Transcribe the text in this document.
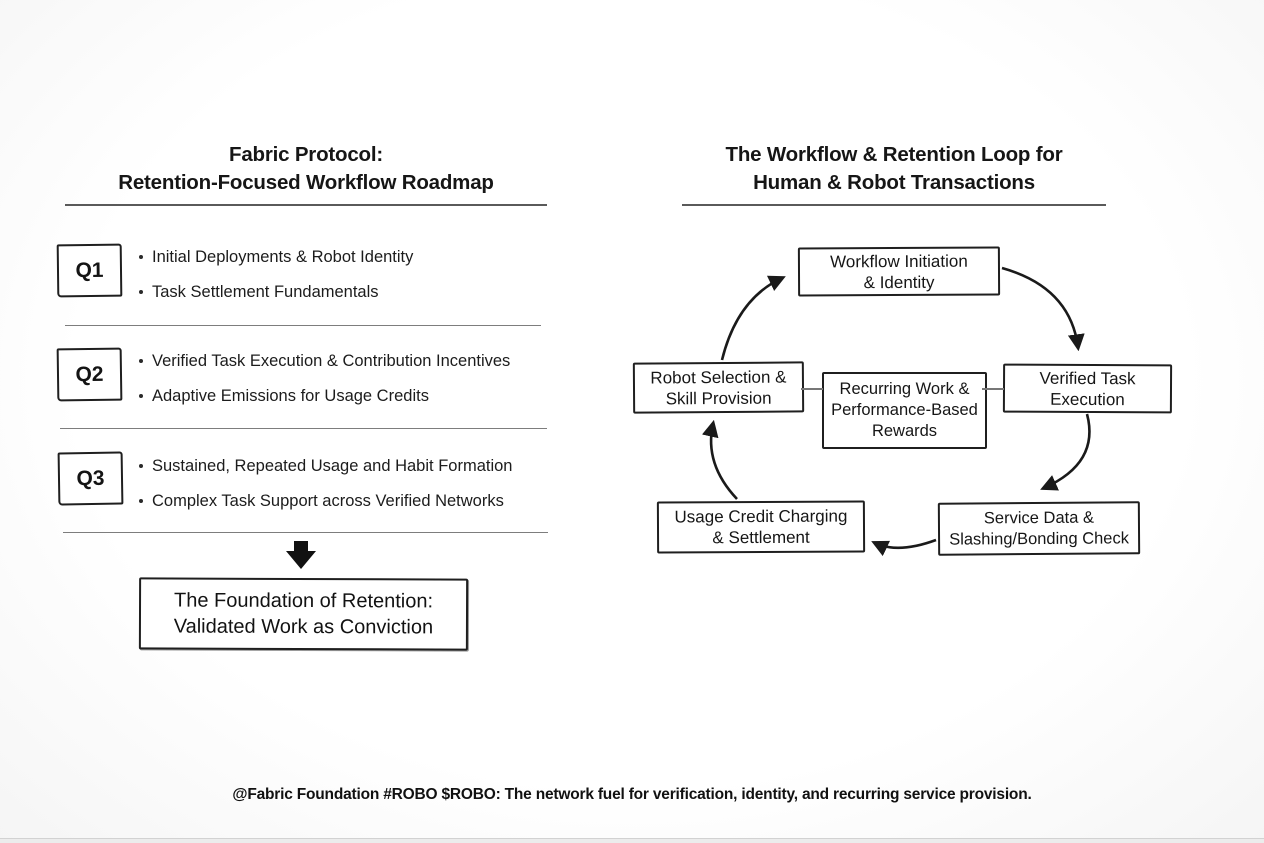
Fabric Protocol:
Retention-Focused Workflow Roadmap
Q1
Initial Deployments & Robot Identity
Task Settlement Fundamentals
Q2
Verified Task Execution & Contribution Incentives
Adaptive Emissions for Usage Credits
Q3
Sustained, Repeated Usage and Habit Formation
Complex Task Support across Verified Networks
The Foundation of Retention:
Validated Work as Conviction
The Workflow & Retention Loop for
Human & Robot Transactions
Workflow Initiation
& Identity
Verified Task
Execution
Robot Selection &
Skill Provision	Recurring Work &
Performance-Based
Rewards
Usage Credit Charging
& Settlement
Service Data &
Slashing/Bonding Check
@Fabric Foundation #ROBO $ROBO: The network fuel for verification, identity, and recurring service provision.
